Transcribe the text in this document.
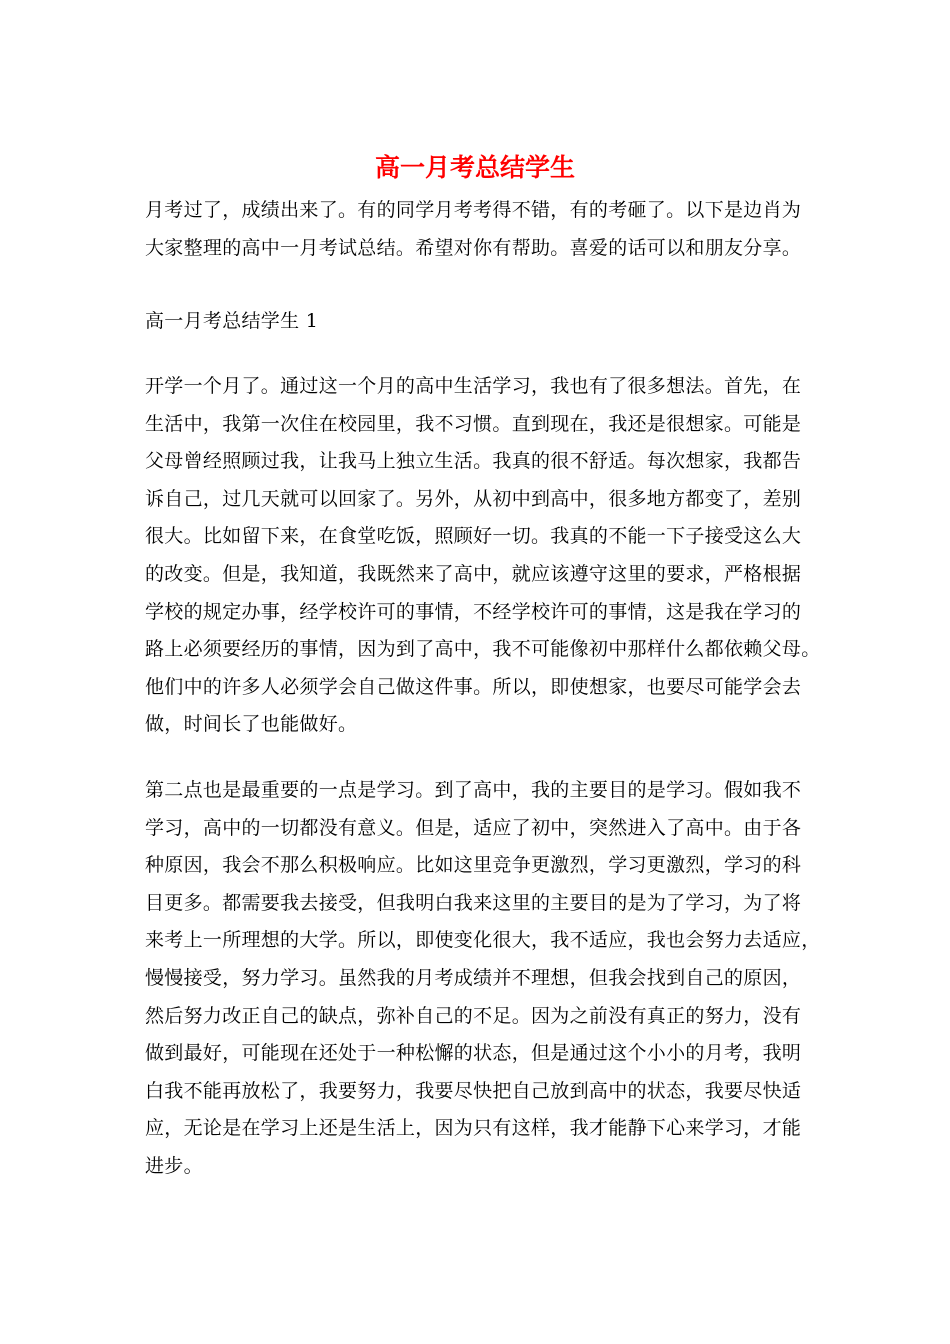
高一月考总结学生
月考过了，成绩出来了。有的同学月考考得不错，有的考砸了。以下是边肖为
大家整理的高中一月考试总结。希望对你有帮助。喜爱的话可以和朋友分享。
高一月考总结学生 1
开学一个月了。通过这一个月的高中生活学习，我也有了很多想法。首先，在
生活中，我第一次住在校园里，我不习惯。直到现在，我还是很想家。可能是
父母曾经照顾过我，让我马上独立生活。我真的很不舒适。每次想家，我都告
诉自己，过几天就可以回家了。另外，从初中到高中，很多地方都变了，差别
很大。比如留下来，在食堂吃饭，照顾好一切。我真的不能一下子接受这么大
的改变。但是，我知道，我既然来了高中，就应该遵守这里的要求，严格根据
学校的规定办事，经学校许可的事情，不经学校许可的事情，这是我在学习的
路上必须要经历的事情，因为到了高中，我不可能像初中那样什么都依赖父母。
他们中的许多人必须学会自己做这件事。所以，即使想家，也要尽可能学会去
做，时间长了也能做好。
第二点也是最重要的一点是学习。到了高中，我的主要目的是学习。假如我不
学习，高中的一切都没有意义。但是，适应了初中，突然进入了高中。由于各
种原因，我会不那么积极响应。比如这里竞争更激烈，学习更激烈，学习的科
目更多。都需要我去接受，但我明白我来这里的主要目的是为了学习，为了将
来考上一所理想的大学。所以，即使变化很大，我不适应，我也会努力去适应，
慢慢接受，努力学习。虽然我的月考成绩并不理想，但我会找到自己的原因，
然后努力改正自己的缺点，弥补自己的不足。因为之前没有真正的努力，没有
做到最好，可能现在还处于一种松懈的状态，但是通过这个小小的月考，我明
白我不能再放松了，我要努力，我要尽快把自己放到高中的状态，我要尽快适
应，无论是在学习上还是生活上，因为只有这样，我才能静下心来学习，才能
进步。
